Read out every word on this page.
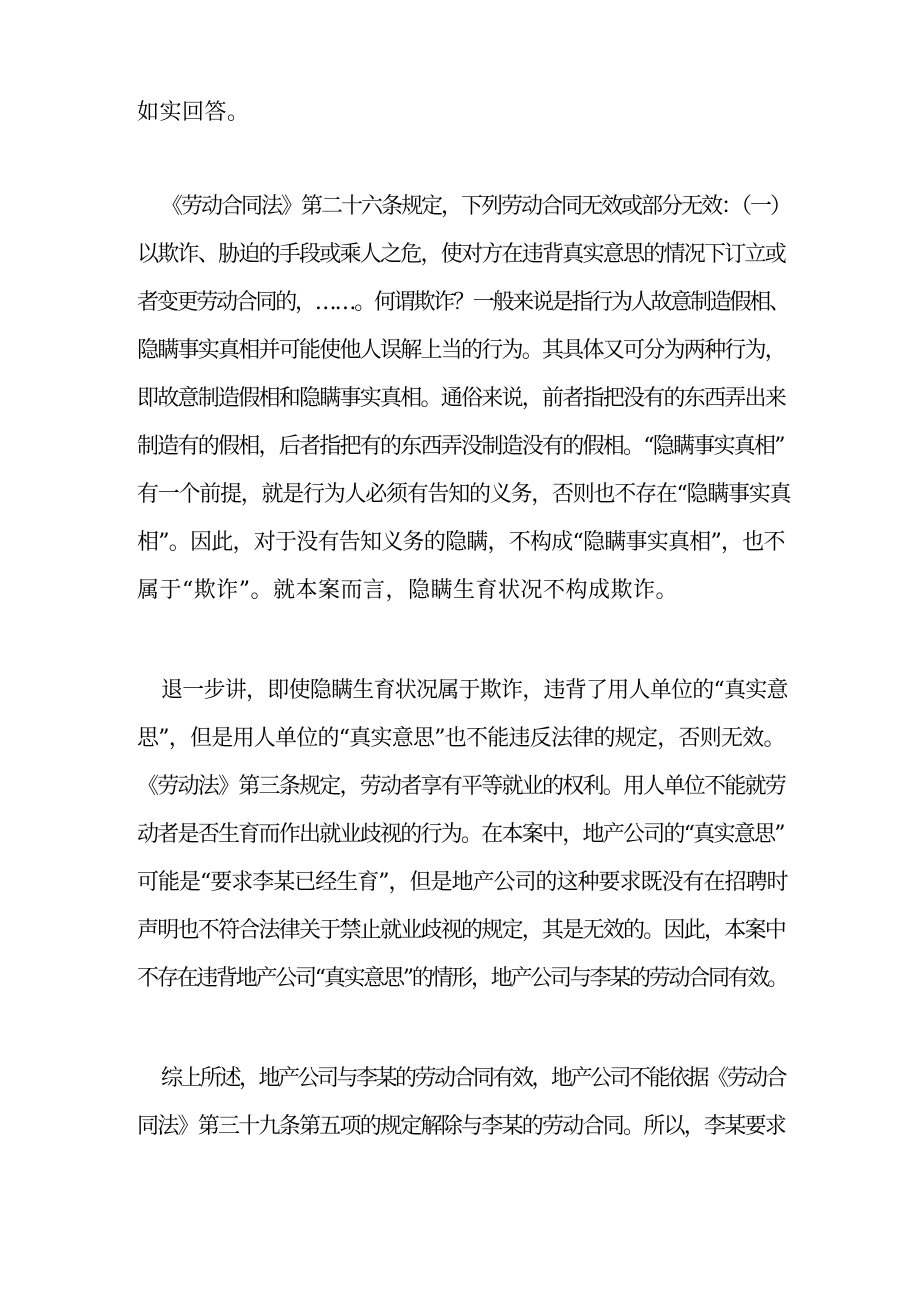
如实回答。
《劳动合同法》第二十六条规定，下列劳动合同无效或部分无效：（一）
以欺诈、胁迫的手段或乘人之危，使对方在违背真实意思的情况下订立或
者变更劳动合同的，……。何谓欺诈？一般来说是指行为人故意制造假相、
隐瞒事实真相并可能使他人误解上当的行为。其具体又可分为两种行为，
即故意制造假相和隐瞒事实真相。通俗来说，前者指把没有的东西弄出来
制造有的假相，后者指把有的东西弄没制造没有的假相。“隐瞒事实真相”
有一个前提，就是行为人必须有告知的义务，否则也不存在“隐瞒事实真
相”。因此，对于没有告知义务的隐瞒，不构成“隐瞒事实真相”，也不
属于“欺诈”。就本案而言，隐瞒生育状况不构成欺诈。
退一步讲，即使隐瞒生育状况属于欺诈，违背了用人单位的“真实意
思”，但是用人单位的“真实意思”也不能违反法律的规定，否则无效。
《劳动法》第三条规定，劳动者享有平等就业的权利。用人单位不能就劳
动者是否生育而作出就业歧视的行为。在本案中，地产公司的“真实意思”
可能是“要求李某已经生育”，但是地产公司的这种要求既没有在招聘时
声明也不符合法律关于禁止就业歧视的规定，其是无效的。因此，本案中
不存在违背地产公司“真实意思”的情形，地产公司与李某的劳动合同有效。
综上所述，地产公司与李某的劳动合同有效，地产公司不能依据《劳动合
同法》第三十九条第五项的规定解除与李某的劳动合同。所以，李某要求
